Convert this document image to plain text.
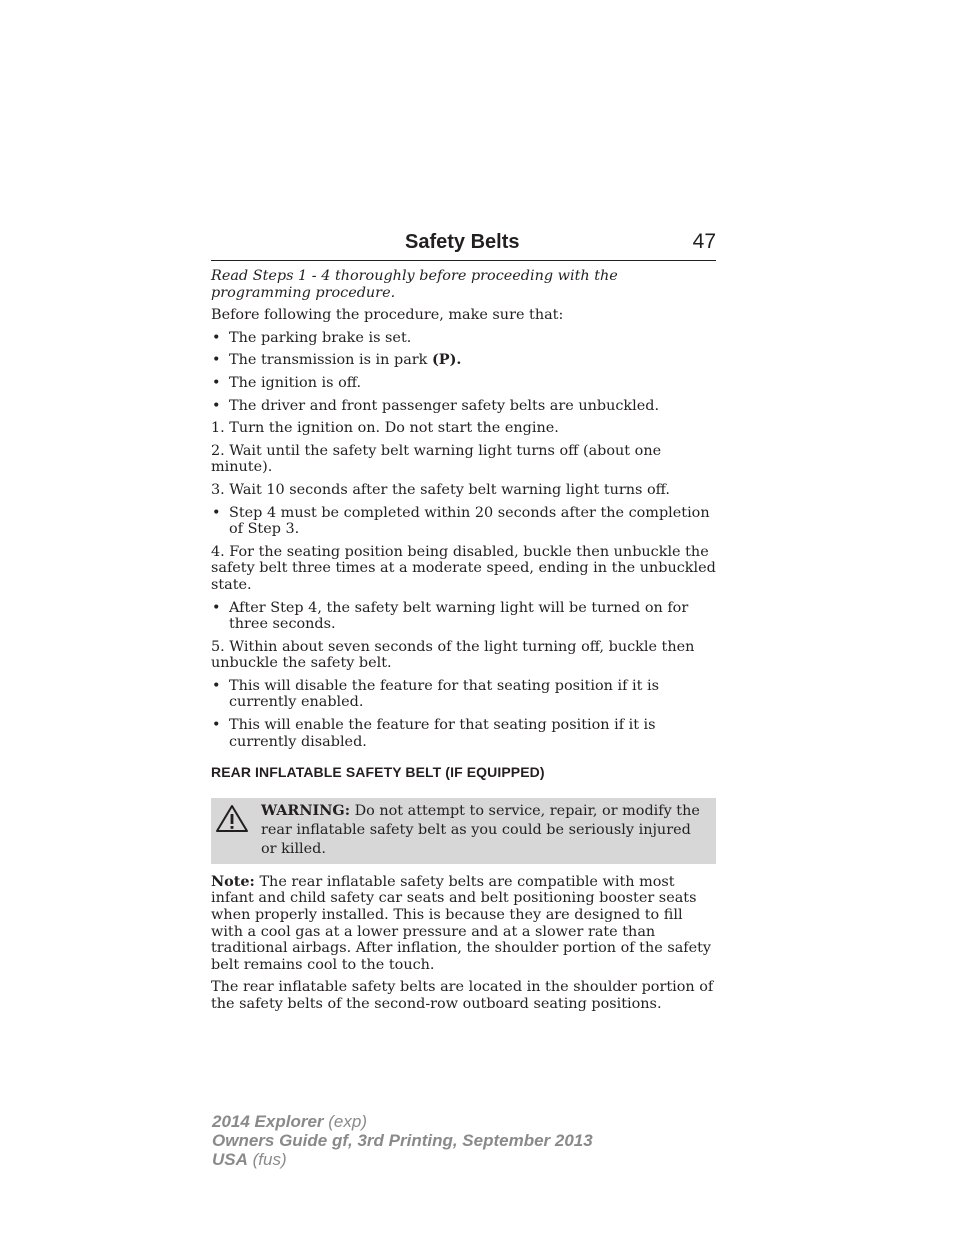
Safety Belts	47

Read Steps 1 - 4 thoroughly before proceeding with the programming procedure.

Before following the procedure, make sure that:

• The parking brake is set.
• The transmission is in park (P).
• The ignition is off.
• The driver and front passenger safety belts are unbuckled.

1. Turn the ignition on. Do not start the engine.

2. Wait until the safety belt warning light turns off (about one minute).

3. Wait 10 seconds after the safety belt warning light turns off.

• Step 4 must be completed within 20 seconds after the completion of Step 3.

4. For the seating position being disabled, buckle then unbuckle the safety belt three times at a moderate speed, ending in the unbuckled state.

• After Step 4, the safety belt warning light will be turned on for three seconds.

5. Within about seven seconds of the light turning off, buckle then unbuckle the safety belt.

• This will disable the feature for that seating position if it is currently enabled.
• This will enable the feature for that seating position if it is currently disabled.
REAR INFLATABLE SAFETY BELT (IF EQUIPPED)
WARNING: Do not attempt to service, repair, or modify the rear inflatable safety belt as you could be seriously injured or killed.

Note: The rear inflatable safety belts are compatible with most infant and child safety car seats and belt positioning booster seats when properly installed. This is because they are designed to fill with a cool gas at a lower pressure and at a slower rate than traditional airbags. After inflation, the shoulder portion of the safety belt remains cool to the touch.

The rear inflatable safety belts are located in the shoulder portion of the safety belts of the second-row outboard seating positions.

2014 Explorer (exp)
Owners Guide gf, 3rd Printing, September 2013
USA (fus)
